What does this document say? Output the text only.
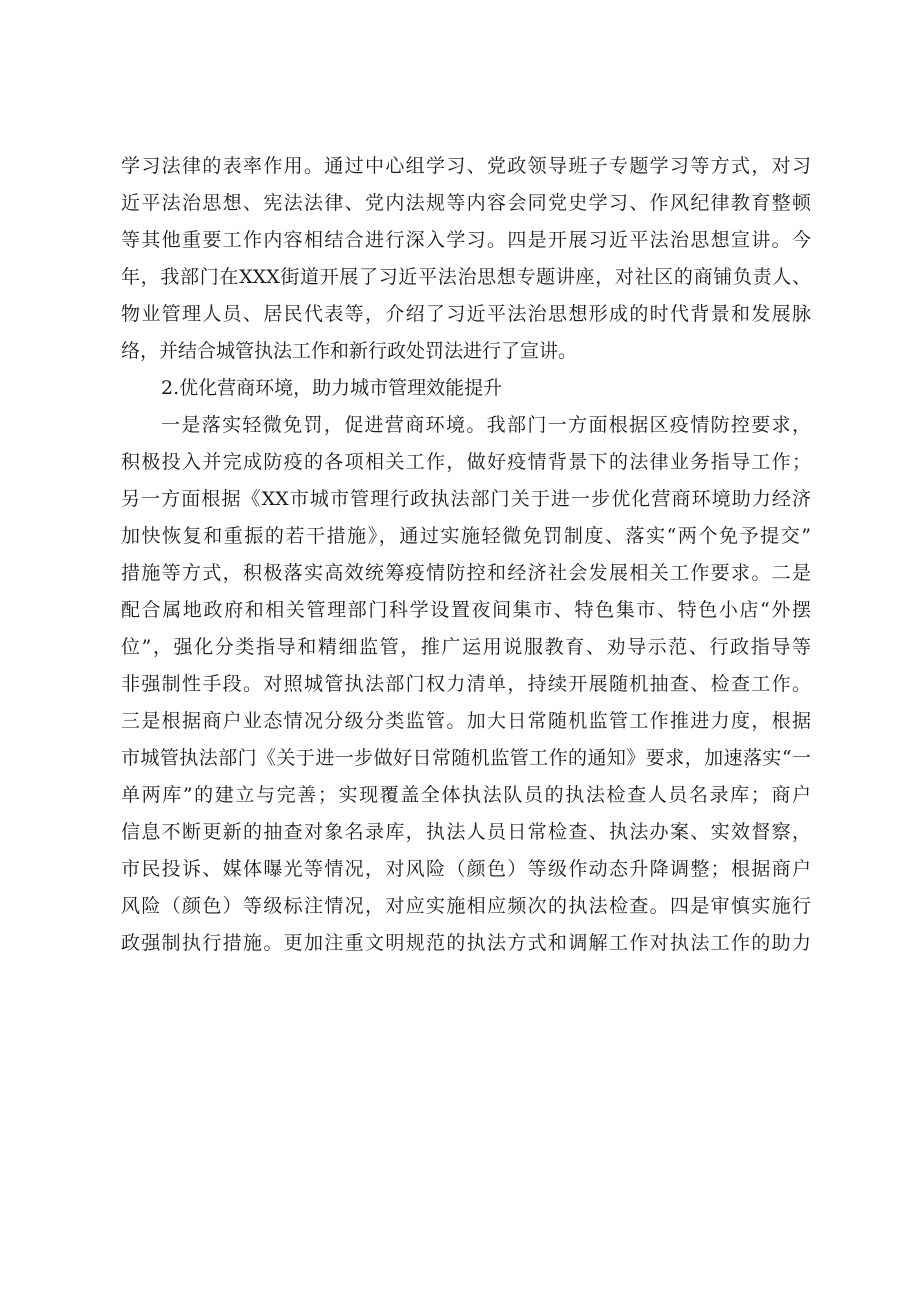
学习法律的表率作用。通过中心组学习、党政领导班子专题学习等方式，对习
近平法治思想、宪法法律、党内法规等内容会同党史学习、作风纪律教育整顿
等其他重要工作内容相结合进行深入学习。四是开展习近平法治思想宣讲。今
年，我部门在XXX街道开展了习近平法治思想专题讲座，对社区的商铺负责人、
物业管理人员、居民代表等，介绍了习近平法治思想形成的时代背景和发展脉
络，并结合城管执法工作和新行政处罚法进行了宣讲。
2.优化营商环境，助力城市管理效能提升
一是落实轻微免罚，促进营商环境。我部门一方面根据区疫情防控要求，
积极投入并完成防疫的各项相关工作，做好疫情背景下的法律业务指导工作；
另一方面根据《XX市城市管理行政执法部门关于进一步优化营商环境助力经济
加快恢复和重振的若干措施》，通过实施轻微免罚制度、落实“两个免予提交”
措施等方式，积极落实高效统筹疫情防控和经济社会发展相关工作要求。二是
配合属地政府和相关管理部门科学设置夜间集市、特色集市、特色小店“外摆
位”，强化分类指导和精细监管，推广运用说服教育、劝导示范、行政指导等
非强制性手段。对照城管执法部门权力清单，持续开展随机抽查、检查工作。
三是根据商户业态情况分级分类监管。加大日常随机监管工作推进力度，根据
市城管执法部门《关于进一步做好日常随机监管工作的通知》要求，加速落实“一
单两库”的建立与完善；实现覆盖全体执法队员的执法检查人员名录库；商户
信息不断更新的抽查对象名录库，执法人员日常检查、执法办案、实效督察，
市民投诉、媒体曝光等情况，对风险（颜色）等级作动态升降调整；根据商户
风险（颜色）等级标注情况，对应实施相应频次的执法检查。四是审慎实施行
政强制执行措施。更加注重文明规范的执法方式和调解工作对执法工作的助力
